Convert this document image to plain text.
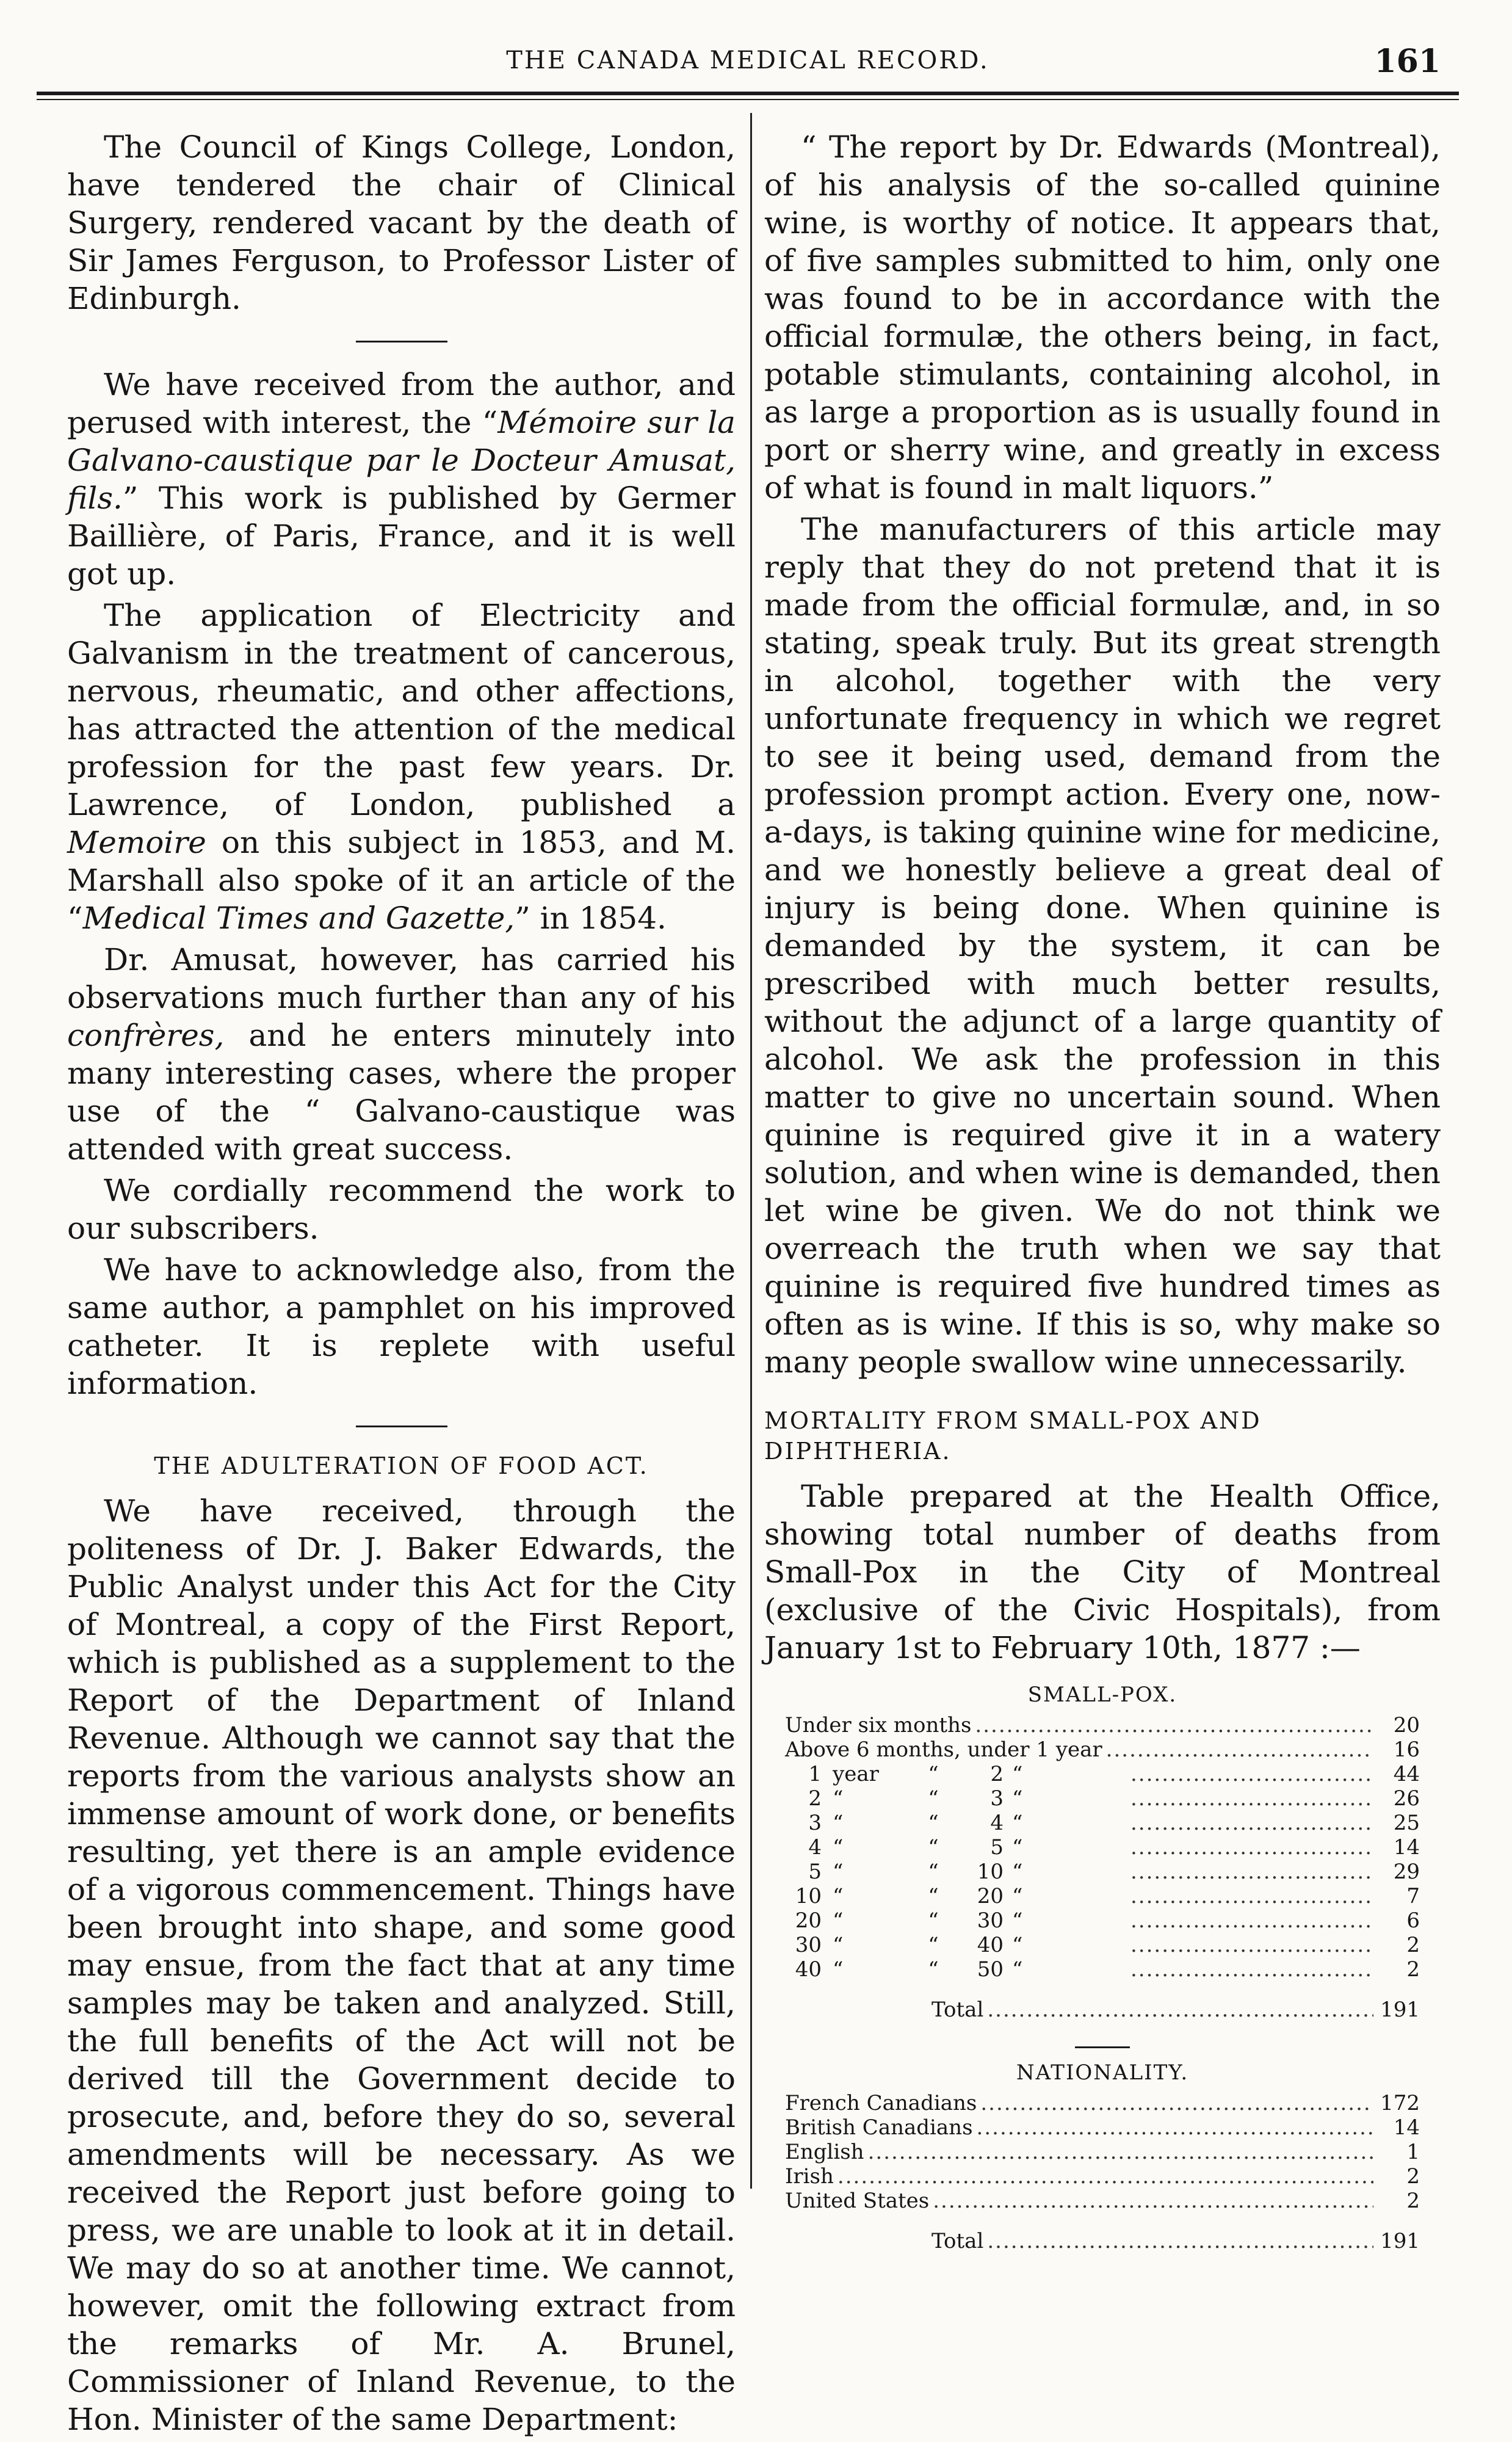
THE CANADA MEDICAL RECORD.	161

The Council of Kings College, London, have tendered the chair of Clinical Surgery, rendered vacant by the death of Sir James Ferguson, to Professor Lister of Edinburgh.

We have received from the author, and perused with interest, the “Mémoire sur la Galvano-caustique par le Docteur Amusat, fils.” This work is published by Germer Baillière, of Paris, France, and it is well got up.

The application of Electricity and Galvanism in the treatment of cancerous, nervous, rheumatic, and other affections, has attracted the attention of the medical profession for the past few years. Dr. Lawrence, of London, published a Memoire on this subject in 1853, and M. Marshall also spoke of it an article of the “Medical Times and Gazette,” in 1854.

Dr. Amusat, however, has carried his observations much further than any of his confrères, and he enters minutely into many interesting cases, where the proper use of the “ Galvano-caustique was attended with great success.

We cordially recommend the work to our subscribers.

We have to acknowledge also, from the same author, a pamphlet on his improved catheter. It is replete with useful information.

THE ADULTERATION OF FOOD ACT.

We have received, through the politeness of Dr. J. Baker Edwards, the Public Analyst under this Act for the City of Montreal, a copy of the First Report, which is published as a supplement to the Report of the Department of Inland Revenue. Although we cannot say that the reports from the various analysts show an immense amount of work done, or benefits resulting, yet there is an ample evidence of a vigorous commencement. Things have been brought into shape, and some good may ensue, from the fact that at any time samples may be taken and analyzed. Still, the full benefits of the Act will not be derived till the Government decide to prosecute, and, before they do so, several amendments will be necessary. As we received the Report just before going to press, we are unable to look at it in detail. We may do so at another time. We cannot, however, omit the following extract from the remarks of Mr. A. Brunel, Commissioner of Inland Revenue, to the Hon. Minister of the same Department:

“ The report by Dr. Edwards (Montreal), of his analysis of the so-called quinine wine, is worthy of notice. It appears that, of five samples submitted to him, only one was found to be in accordance with the official formulæ, the others being, in fact, potable stimulants, containing alcohol, in as large a proportion as is usually found in port or sherry wine, and greatly in excess of what is found in malt liquors.”

The manufacturers of this article may reply that they do not pretend that it is made from the official formulæ, and, in so stating, speak truly. But its great strength in alcohol, together with the very unfortunate frequency in which we regret to see it being used, demand from the profession prompt action. Every one, now-a-days, is taking quinine wine for medicine, and we honestly believe a great deal of injury is being done. When quinine is demanded by the system, it can be prescribed with much better results, without the adjunct of a large quantity of alcohol. We ask the profession in this matter to give no uncertain sound. When quinine is required give it in a watery solution, and when wine is demanded, then let wine be given. We do not think we overreach the truth when we say that quinine is required five hundred times as often as is wine. If this is so, why make so many people swallow wine unnecessarily.

MORTALITY FROM SMALL-POX AND DIPHTHERIA.

Table prepared at the Health Office, showing total number of deaths from Small-Pox in the City of Montreal (exclusive of the Civic Hospitals), from January 1st to February 10th, 1877 :—

SMALL-POX.
Under six months .....	20
Above 6 months, under 1 year .....	16
1 year	“	2 “ .....	44
2 “	“	3 “ .....	26
3 “	“	4 “ .....	25
4 “	“	5 “ .....	14
5 “	“	10 “ .....	29
10 “	“	20 “ .....	7
20 “	“	30 “ .....	6
30 “	“	40 “ .....	2
40 “	“	50 “ .....	2
Total .....	191
NATIONALITY.
French Canadians .....	172
British Canadians .....	14
English .....	1
Irish .....	2
United States .....	2
Total .....	191
